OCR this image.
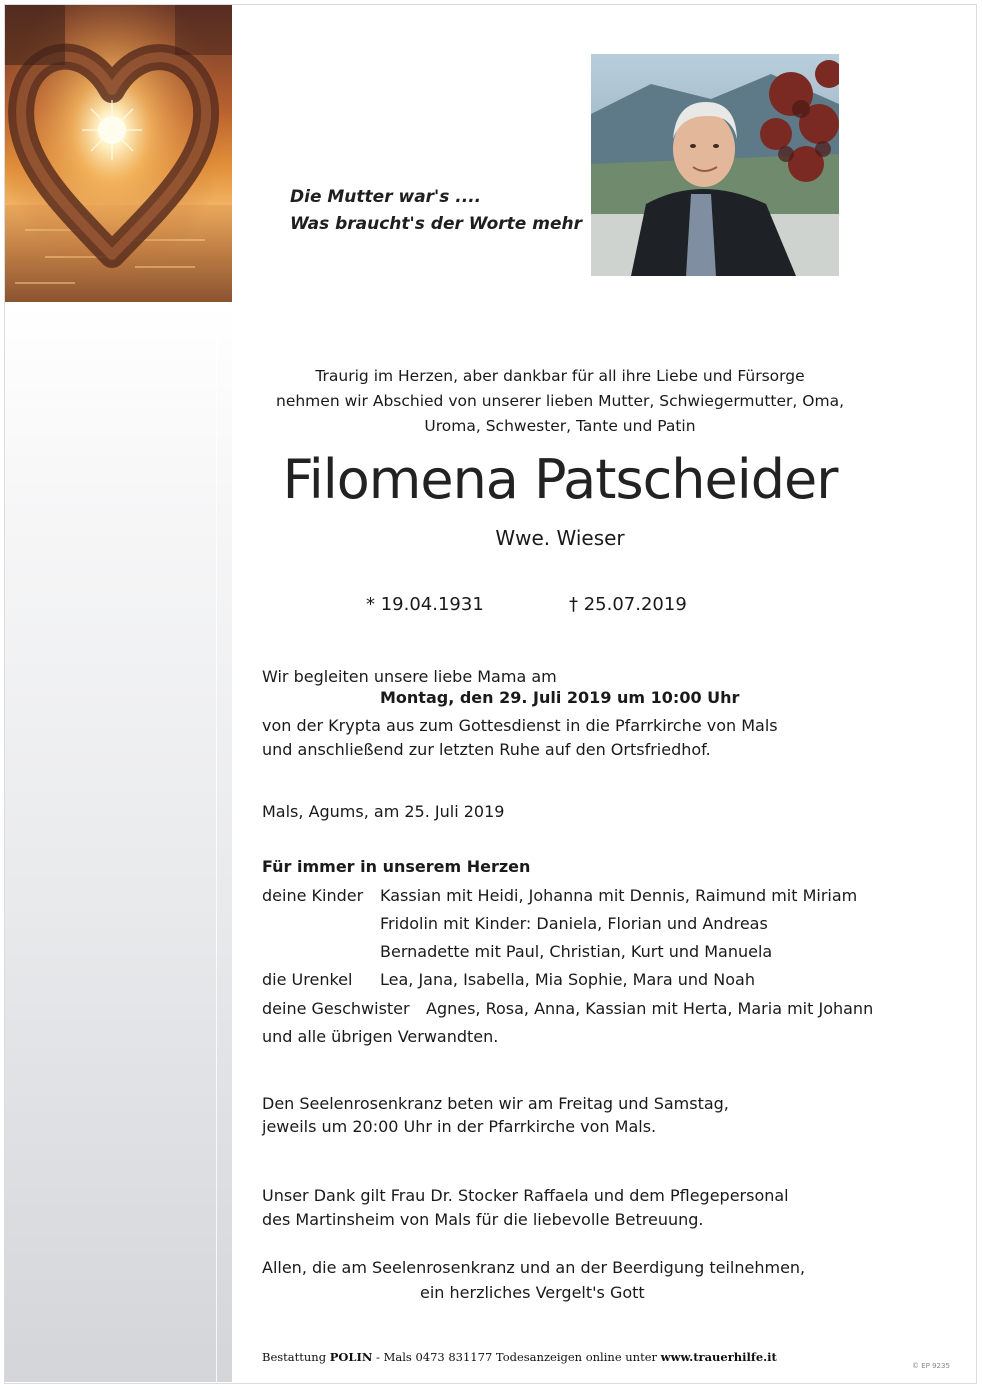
Die Mutter war's ....
Was braucht's der Worte mehr
Traurig im Herzen, aber dankbar für all ihre Liebe und Fürsorge
nehmen wir Abschied von unserer lieben Mutter, Schwiegermutter, Oma,
Uroma, Schwester, Tante und Patin
Filomena Patscheider
Wwe. Wieser
* 19.04.1931	† 25.07.2019
Wir begleiten unsere liebe Mama am
Montag, den 29. Juli 2019 um 10:00 Uhr
von der Krypta aus zum Gottesdienst in die Pfarrkirche von Mals
und anschließend zur letzten Ruhe auf den Ortsfriedhof.
Mals, Agums, am 25. Juli 2019
Für immer in unserem Herzen
deine Kinder Kassian mit Heidi, Johanna mit Dennis, Raimund mit Miriam
Fridolin mit Kinder: Daniela, Florian und Andreas
Bernadette mit Paul, Christian, Kurt und Manuela
die Urenkel Lea, Jana, Isabella, Mia Sophie, Mara und Noah
deine Geschwister Agnes, Rosa, Anna, Kassian mit Herta, Maria mit Johann
und alle übrigen Verwandten.
Den Seelenrosenkranz beten wir am Freitag und Samstag,
jeweils um 20:00 Uhr in der Pfarrkirche von Mals.
Unser Dank gilt Frau Dr. Stocker Raffaela und dem Pflegepersonal
des Martinsheim von Mals für die liebevolle Betreuung.
Allen, die am Seelenrosenkranz und an der Beerdigung teilnehmen,
ein herzliches Vergelt's Gott
Bestattung POLIN - Mals 0473 831177 Todesanzeigen online unter www.trauerhilfe.it
© EP 9235
